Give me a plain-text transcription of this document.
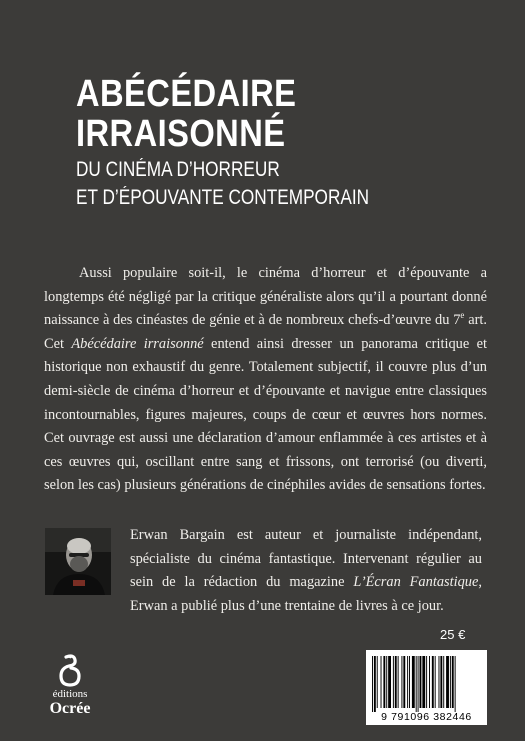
ABÉCÉDAIRE
IRRAISONNÉ
DU CINÉMA D’HORREUR
ET D’ÉPOUVANTE CONTEMPORAIN

Aussi populaire soit-il, le cinéma d’horreur et d’épouvante a longtemps été négligé par la critique généraliste alors qu’il a pourtant donné naissance à des cinéastes de génie et à de nombreux chefs-d’œuvre du 7e art. Cet Abécédaire irraisonné entend ainsi dresser un panorama critique et historique non exhaustif du genre. Totalement subjectif, il couvre plus d’un demi-siècle de cinéma d’horreur et d’épouvante et navigue entre classiques incontournables, figures majeures, coups de cœur et œuvres hors normes. Cet ouvrage est aussi une déclaration d’amour enflammée à ces artistes et à ces œuvres qui, oscillant entre sang et frissons, ont terrorisé (ou diverti, selon les cas) plusieurs générations de cinéphiles avides de sensations fortes.

Erwan Bargain est auteur et journaliste indépendant, spécialiste du cinéma fantastique. Intervenant régulier au sein de la rédaction du magazine L’Écran Fantastique, Erwan a publié plus d’une trentaine de livres à ce jour.

25 €
éditions
Ocrée	9 791096 382446
